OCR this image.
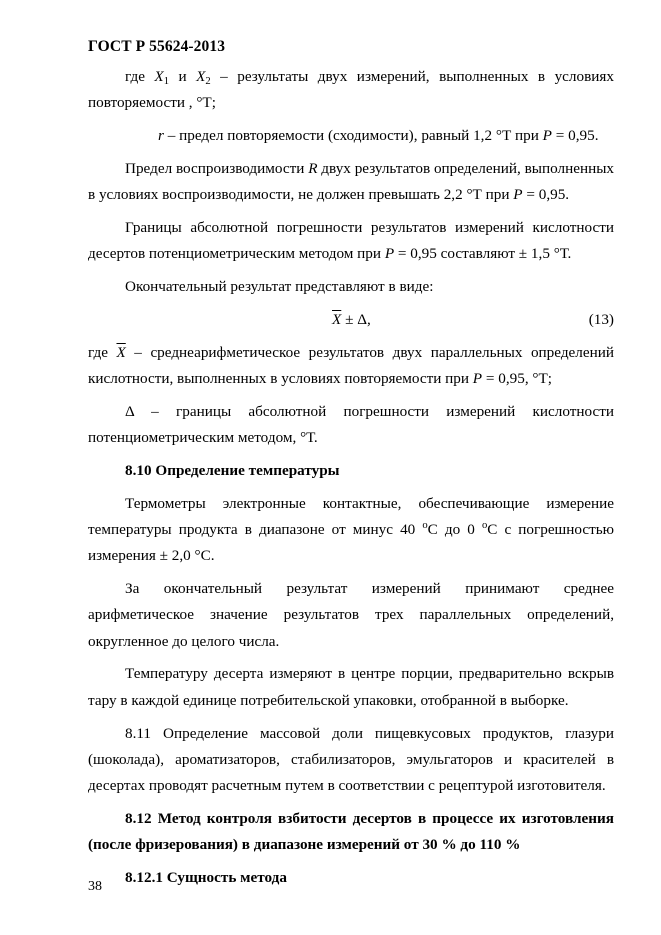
ГОСТ Р 55624-2013
где $X_1$ и $X_2$ – результаты двух измерений, выполненных в условиях повторяемости , °Т;
r – предел повторяемости (сходимости), равный 1,2 °Т при P = 0,95.
Предел воспроизводимости R двух результатов определений, выполненных в условиях воспроизводимости, не должен превышать 2,2 °Т при P = 0,95.
Границы абсолютной погрешности результатов измерений кислотности десертов потенциометрическим методом при P = 0,95 составляют ± 1,5 °Т.
Окончательный результат представляют в виде:
$\overline{X} \pm \Delta$,	(13)
где $\overline{X}$ – среднеарифметическое результатов двух параллельных определений кислотности, выполненных в условиях повторяемости при P = 0,95, °Т;
Δ – границы абсолютной погрешности измерений кислотности потенциометрическим методом, °Т.
8.10 Определение температуры
Термометры электронные контактные, обеспечивающие измерение температуры продукта в диапазоне от минус 40 $^о$С до 0 $^о$С с погрешностью измерения ± 2,0 °С.
За окончательный результат измерений принимают среднее арифметическое значение результатов трех параллельных определений, округленное до целого числа.
Температуру десерта измеряют в центре порции, предварительно вскрыв тару в каждой единице потребительской упаковки, отобранной в выборке.
8.11 Определение массовой доли пищевкусовых продуктов, глазури (шоколада), ароматизаторов, стабилизаторов, эмульгаторов и красителей в десертах проводят расчетным путем в соответствии с рецептурой изготовителя.
8.12 Метод контроля взбитости десертов в процессе их изготовления (после фризерования) в диапазоне измерений от 30 % до 110 %
8.12.1 Сущность метода
38
